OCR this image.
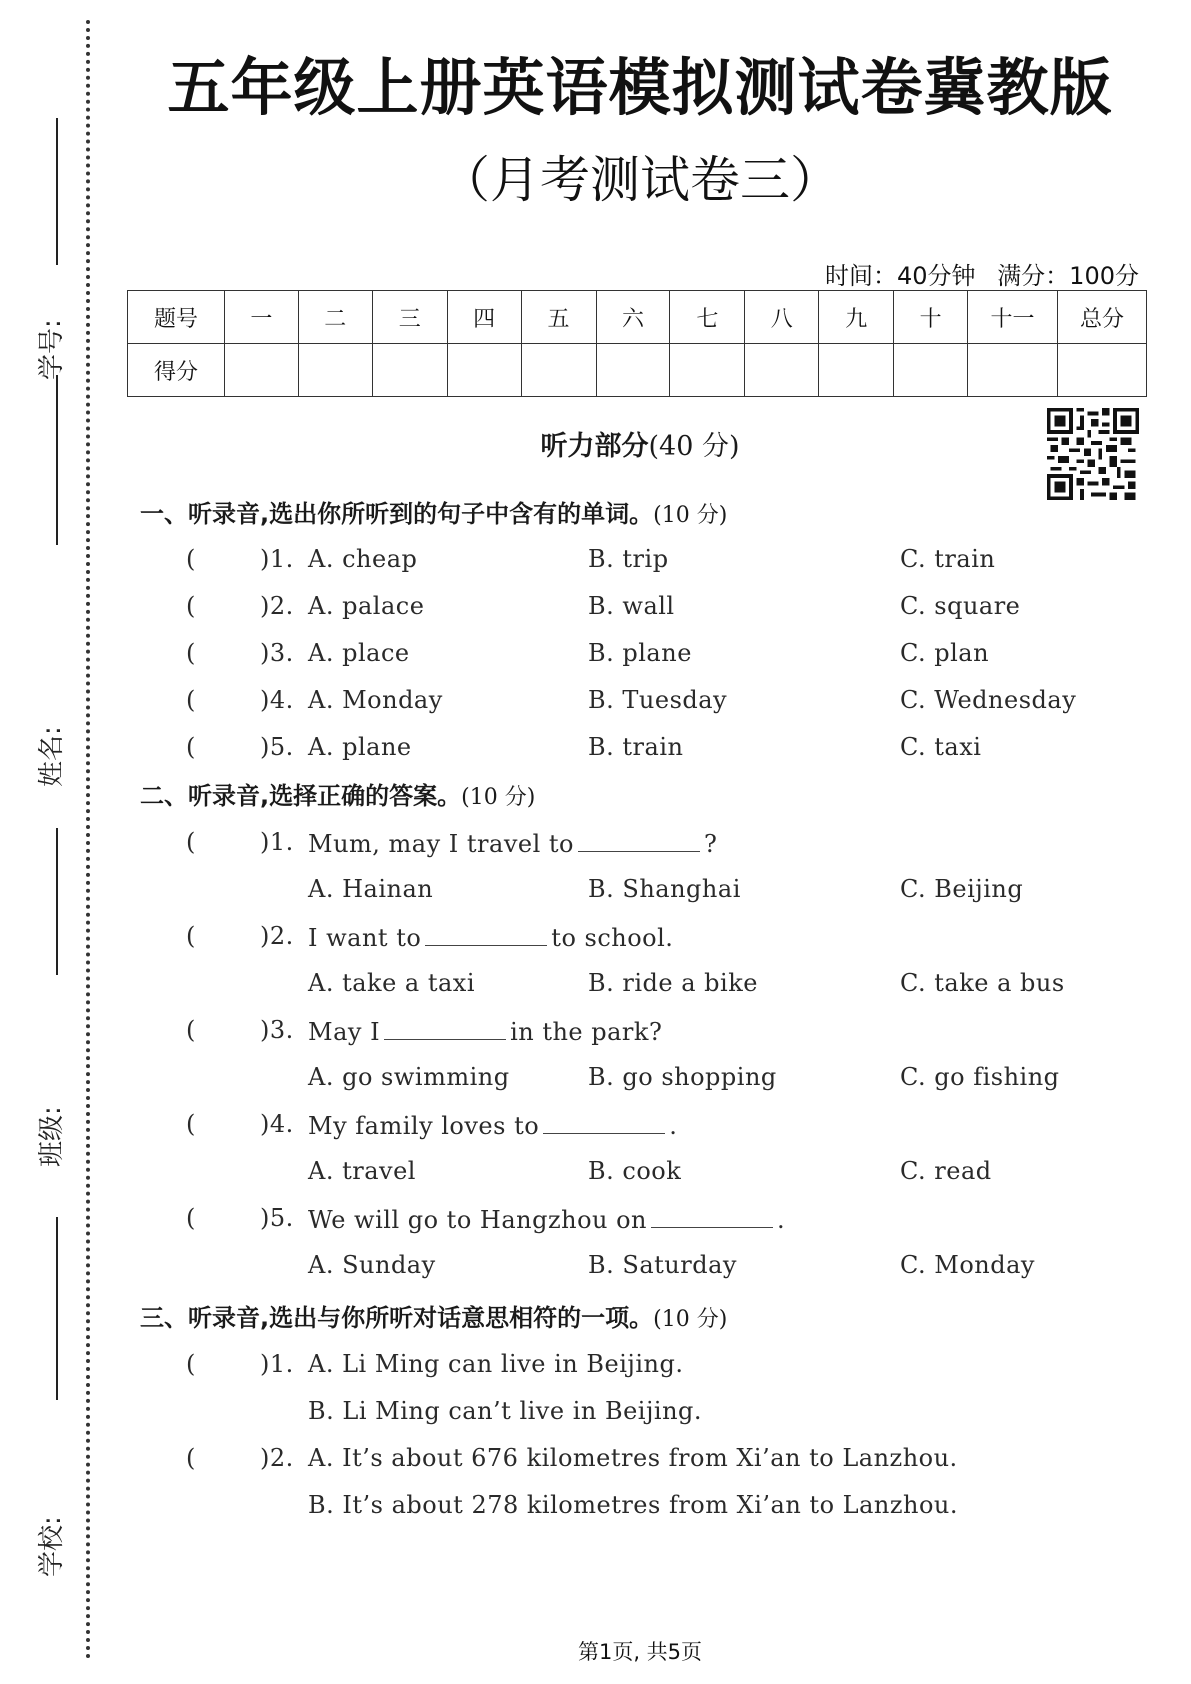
学号:
姓名:
班级:
学校:
五年级上册英语模拟测试卷冀教版
（月考测试卷三）
时间：40分钟 满分：100分
题号	一	二	三	四	五	六	七	八	九	十	十一	总分
得分												
听力部分(40 分)
一、听录音,选出你所听到的句子中含有的单词。(10 分)
(	)1. A. cheap	B. trip	C. train
(	)2. A. palace	B. wall	C. square
(	)3. A. place	B. plane	C. plan
(	)4. A. Monday	B. Tuesday	C. Wednesday
(	)5. A. plane	B. train	C. taxi
二、听录音,选择正确的答案。(10 分)
(	)1. Mum, may I travel to	?
A. Hainan	B. Shanghai	C. Beijing
(	)2. I want to	to school.
A. take a taxi	B. ride a bike	C. take a bus
(	)3. May I	in the park?
A. go swimming	B. go shopping	C. go fishing
(	)4. My family loves to	.
A. travel	B. cook	C. read
(	)5. We will go to Hangzhou on	.
A. Sunday	B. Saturday	C. Monday
三、听录音,选出与你所听对话意思相符的一项。(10 分)
(	)1. A. Li Ming can live in Beijing.
B. Li Ming can’t live in Beijing.
(	)2. A. It’s about 676 kilometres from Xi’an to Lanzhou.
B. It’s about 278 kilometres from Xi’an to Lanzhou.
第1页, 共5页
